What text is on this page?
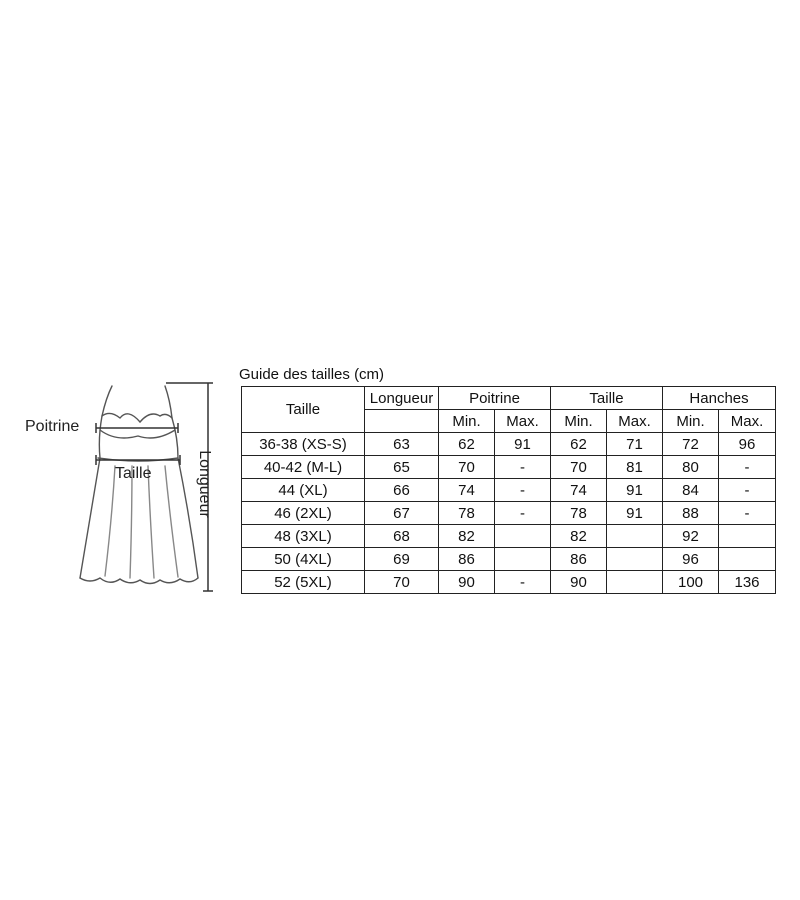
Poitrine
Taille	Longueur
Guide des tailles (cm)
Taille	Longueur	Poitrine		Taille		Hanches	
		Min.	Max.	Min.	Max.	Min.	Max.
36-38 (XS-S)	63	62	91	62	71	72	96
40-42 (M-L)	65	70	-	70	81	80	-
44 (XL)	66	74	-	74	91	84	-
46 (2XL)	67	78	-	78	91	88	-
48 (3XL)	68	82		82		92	
50 (4XL)	69	86		86		96	
52 (5XL)	70	90	-	90		100	136
